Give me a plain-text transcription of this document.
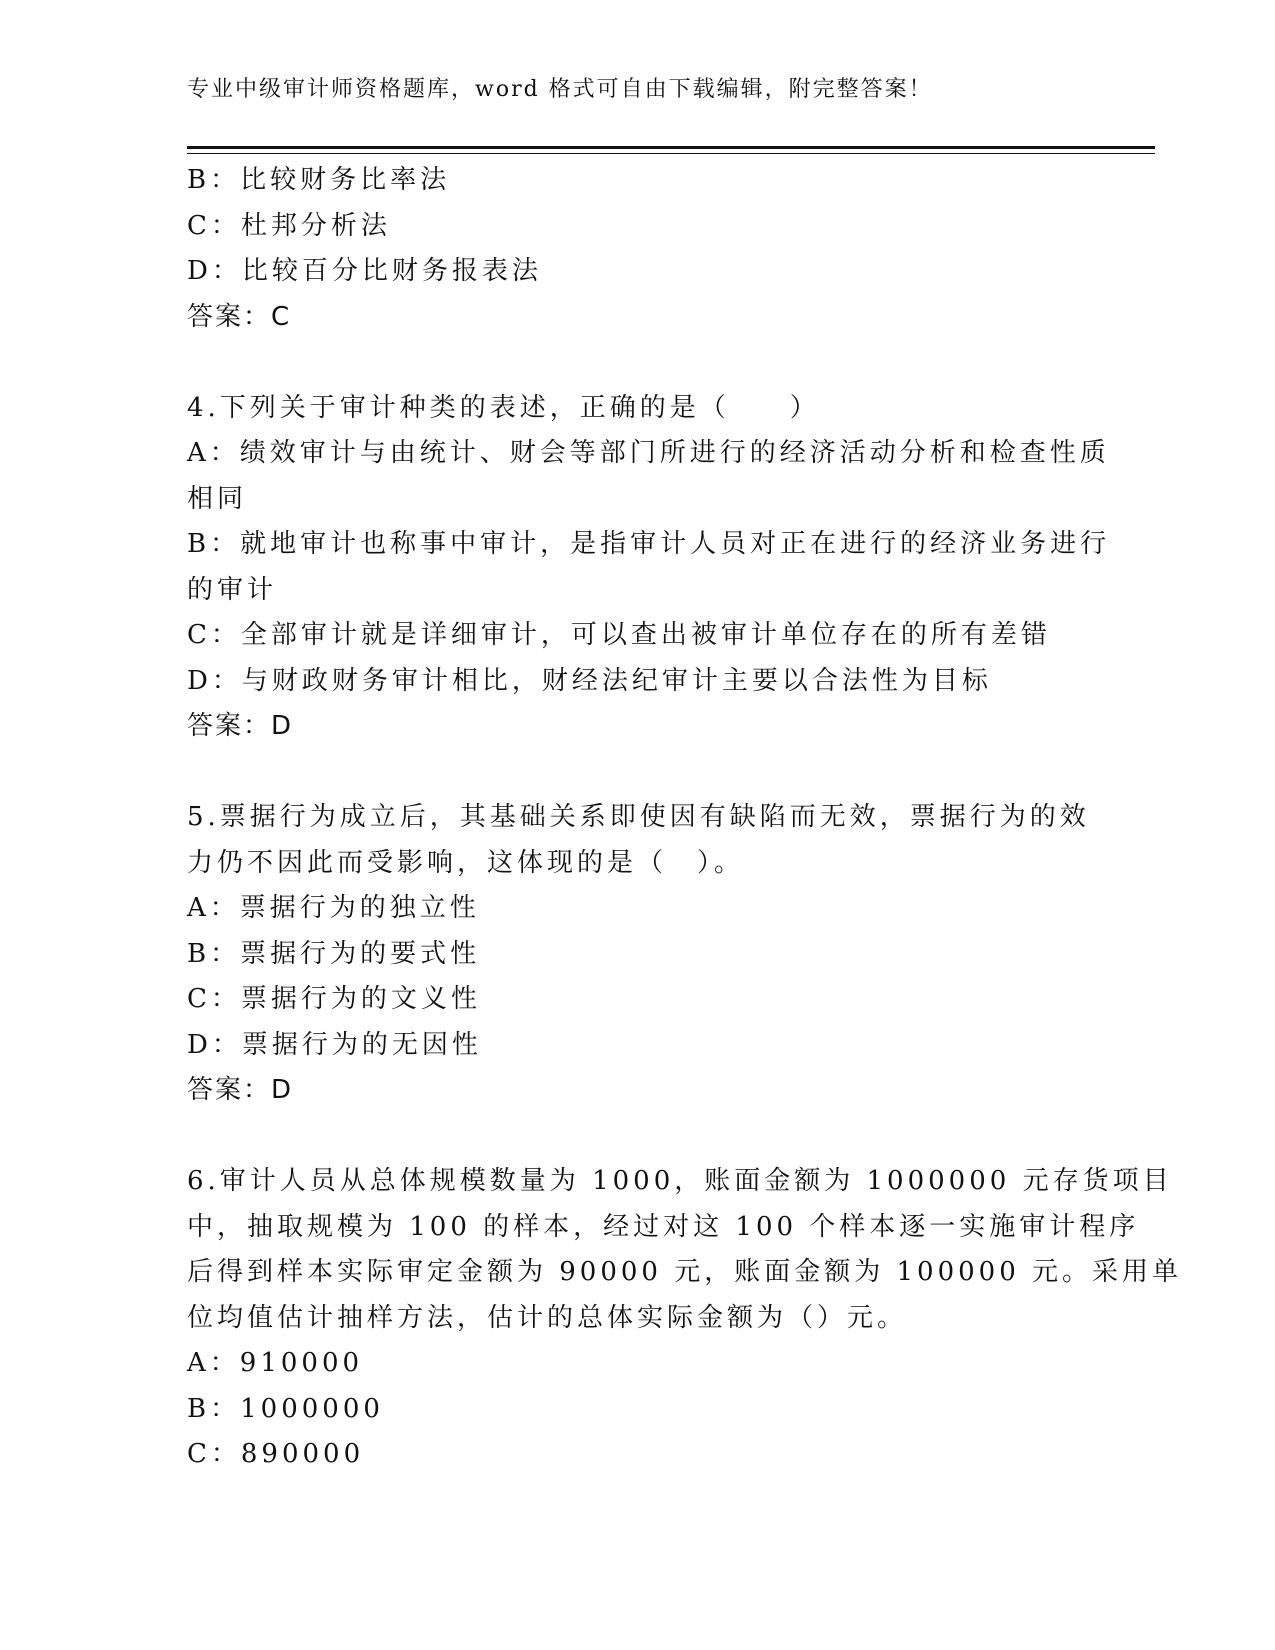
专业中级审计师资格题库，word 格式可自由下载编辑，附完整答案！
B：比较财务比率法
C：杜邦分析法
D：比较百分比财务报表法
答案：C
4.下列关于审计种类的表述，正确的是（　　）
A：绩效审计与由统计、财会等部门所进行的经济活动分析和检查性质
相同
B：就地审计也称事中审计，是指审计人员对正在进行的经济业务进行
的审计
C：全部审计就是详细审计，可以查出被审计单位存在的所有差错
D：与财政财务审计相比，财经法纪审计主要以合法性为目标
答案：D
5.票据行为成立后，其基础关系即使因有缺陷而无效，票据行为的效
力仍不因此而受影响，这体现的是（　）。
A：票据行为的独立性
B：票据行为的要式性
C：票据行为的文义性
D：票据行为的无因性
答案：D
6.审计人员从总体规模数量为 1000，账面金额为 1000000 元存货项目
中，抽取规模为 100 的样本，经过对这 100 个样本逐一实施审计程序
后得到样本实际审定金额为 90000 元，账面金额为 100000 元。采用单
位均值估计抽样方法，估计的总体实际金额为（）元。
A：910000
B：1000000
C：890000
